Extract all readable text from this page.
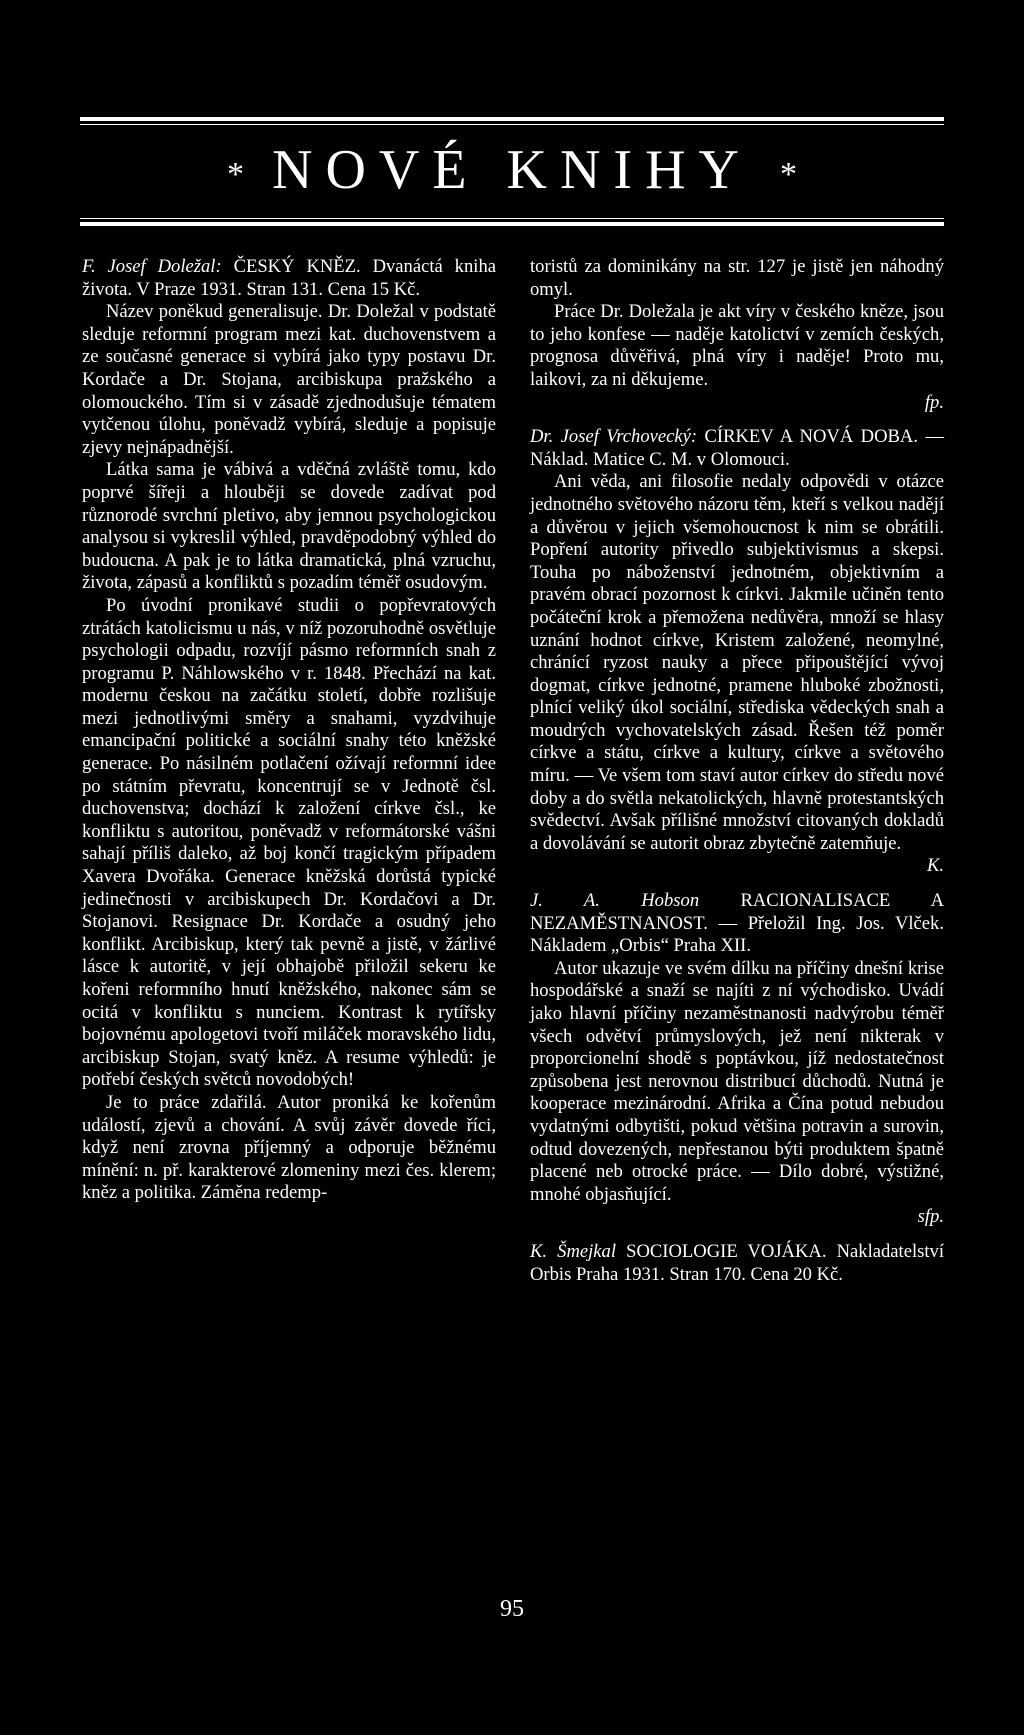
* NOVÉ KNIHY *

F. Josef Doležal: ČESKÝ KNĚZ. Dvanáctá kniha života. V Praze 1931. Stran 131. Cena 15 Kč.

Název poněkud generalisuje. Dr. Doležal v podstatě sleduje reformní program mezi kat. duchovenstvem a ze současné generace si vybírá jako typy postavu Dr. Kordače a Dr. Stojana, arcibiskupa pražského a olomouckého. Tím si v zásadě zjednodušuje tématem vytčenou úlohu, poněvadž vybírá, sleduje a popisuje zjevy nejnápadnější.

Látka sama je vábivá a vděčná zvláště tomu, kdo poprvé šířeji a hlouběji se dovede zadívat pod různorodé svrchní pletivo, aby jemnou psychologickou analysou si vykreslil výhled, pravděpodobný výhled do budoucna. A pak je to látka dramatická, plná vzruchu, života, zápasů a konfliktů s pozadím téměř osudovým.

Po úvodní pronikavé studii o popřevratových ztrátách katolicismu u nás, v níž pozoruhodně osvětluje psychologii odpadu, rozvíjí pásmo reformních snah z programu P. Náhlowského v r. 1848. Přechází na kat. modernu českou na začátku století, dobře rozlišuje mezi jednotlivými směry a snahami, vyzdvihuje emancipační politické a sociální snahy této kněžské generace. Po násilném potlačení ožívají reformní idee po státním převratu, koncentrují se v Jednotě čsl. duchovenstva; dochází k založení církve čsl., ke konfliktu s autoritou, poněvadž v reformátorské vášni sahají příliš daleko, až boj končí tragickým případem Xavera Dvořáka. Generace kněžská dorůstá typické jedinečnosti v arcibiskupech Dr. Kordačovi a Dr. Stojanovi. Resignace Dr. Kordače a osudný jeho konflikt. Arcibiskup, který tak pevně a jistě, v žárlivé lásce k autoritě, v její obhajobě přiložil sekeru ke kořeni reformního hnutí kněžského, nakonec sám se ocitá v konfliktu s nunciem. Kontrast k rytířsky bojovnému apologetovi tvoří miláček moravského lidu, arcibiskup Stojan, svatý kněz. A resume výhledů: je potřebí českých světců novodobých!

Je to práce zdařilá. Autor proniká ke kořenům událostí, zjevů a chování. A svůj závěr dovede říci, když není zrovna příjemný a odporuje běžnému mínění: n. př. karakterové zlomeniny mezi čes. klerem; kněz a politika. Záměna redemp-

toristů za dominikány na str. 127 je jistě jen náhodný omyl.

Práce Dr. Doležala je akt víry v českého kněze, jsou to jeho konfese — naděje katolictví v zemích českých, prognosa důvěřivá, plná víry i naděje! Proto mu, laikovi, za ni děkujeme.

fp.

Dr. Josef Vrchovecký: CÍRKEV A NOVÁ DOBA. — Náklad. Matice C. M. v Olomouci.

Ani věda, ani filosofie nedaly odpovědi v otázce jednotného světového názoru těm, kteří s velkou nadějí a důvěrou v jejich všemohoucnost k nim se obrátili. Popření autority přivedlo subjektivismus a skepsi. Touha po náboženství jednotném, objektivním a pravém obrací pozornost k církvi. Jakmile učiněn tento počáteční krok a přemožena nedůvěra, množí se hlasy uznání hodnot církve, Kristem založené, neomylné, chránící ryzost nauky a přece připouštějící vývoj dogmat, církve jednotné, pramene hluboké zbožnosti, plnící veliký úkol sociální, střediska vědeckých snah a moudrých vychovatelských zásad. Řešen též poměr církve a státu, církve a kultury, církve a světového míru. — Ve všem tom staví autor církev do středu nové doby a do světla nekatolických, hlavně protestantských svědectví. Avšak přílišné množství citovaných dokladů a dovolávání se autorit obraz zbytečně zatemňuje.

K.

J. A. Hobson RACIONALISACE A NEZAMĚSTNANOST. — Přeložil Ing. Jos. Vlček. Nákladem „Orbis“ Praha XII.

Autor ukazuje ve svém dílku na příčiny dnešní krise hospodářské a snaží se najíti z ní východisko. Uvádí jako hlavní příčiny nezaměstnanosti nadvýrobu téměř všech odvětví průmyslových, jež není nikterak v proporcionelní shodě s poptávkou, jíž nedostatečnost způsobena jest nerovnou distribucí důchodů. Nutná je kooperace mezinárodní. Afrika a Čína potud nebudou vydatnými odbytišti, pokud většina potravin a surovin, odtud dovezených, nepřestanou býti produktem špatně placené neb otrocké práce. — Dílo dobré, výstižné, mnohé objasňující.

sfp.

K. Šmejkal SOCIOLOGIE VOJÁKA. Nakladatelství Orbis Praha 1931. Stran 170. Cena 20 Kč.

95
